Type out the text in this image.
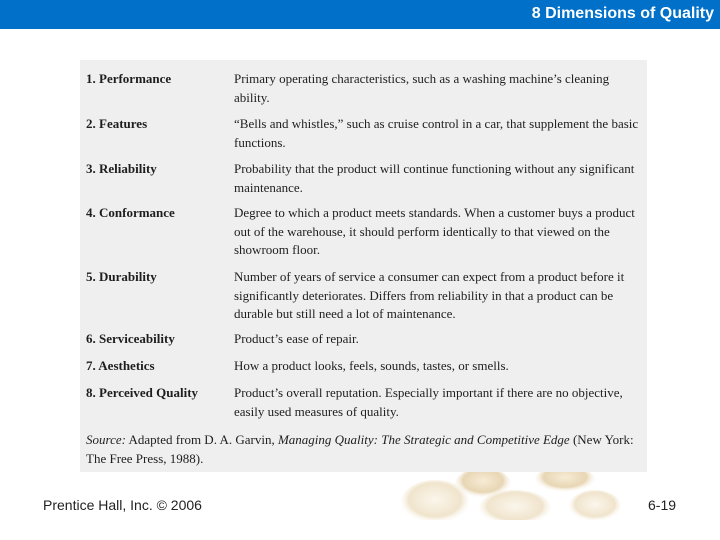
8 Dimensions of Quality
1. Performance	Primary operating characteristics, such as a washing machine’s cleaning ability.
2. Features	“Bells and whistles,” such as cruise control in a car, that supplement the basic functions.
3. Reliability	Probability that the product will continue functioning without any significant maintenance.
4. Conformance	Degree to which a product meets standards. When a customer buys a product out of the warehouse, it should perform identically to that viewed on the showroom floor.
5. Durability	Number of years of service a consumer can expect from a product before it significantly deteriorates. Differs from reliability in that a product can be durable but still need a lot of maintenance.
6. Serviceability	Product’s ease of repair.
7. Aesthetics	How a product looks, feels, sounds, tastes, or smells.
8. Perceived Quality	Product’s overall reputation. Especially important if there are no objective, easily used measures of quality.
Source: Adapted from D. A. Garvin, Managing Quality: The Strategic and Competitive Edge (New York: The Free Press, 1988).
Prentice Hall, Inc. © 2006	6-19
